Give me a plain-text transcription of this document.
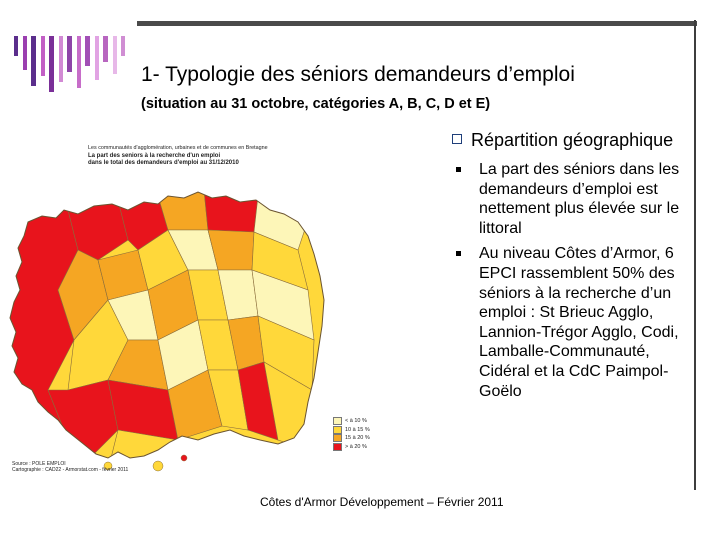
1- Typologie des séniors demandeurs d’emploi
(situation au 31 octobre, catégories A, B, C, D et E)
Les communautés d'agglomération, urbaines et de communes en Bretagne
La part des seniors à la recherche d'un emploi
dans le total des demandeurs d'emploi au 31/12/2010
< à 10 %
10 à 15 %
15 à 20 %
> à 20 %
Source : POLE EMPLOI
Cartographie : CAD22 - Armorstat.com - février 2011
Répartition géographique
La part des séniors dans les demandeurs d’emploi est nettement plus élevée sur le littoral
Au niveau Côtes d’Armor, 6 EPCI rassemblent 50% des séniors à la recherche d’un emploi : St Brieuc Agglo, Lannion-Trégor Agglo, Codi, Lamballe-Communauté, Cidéral et la CdC Paimpol-Goëlo
Côtes d'Armor Développement – Février 2011
